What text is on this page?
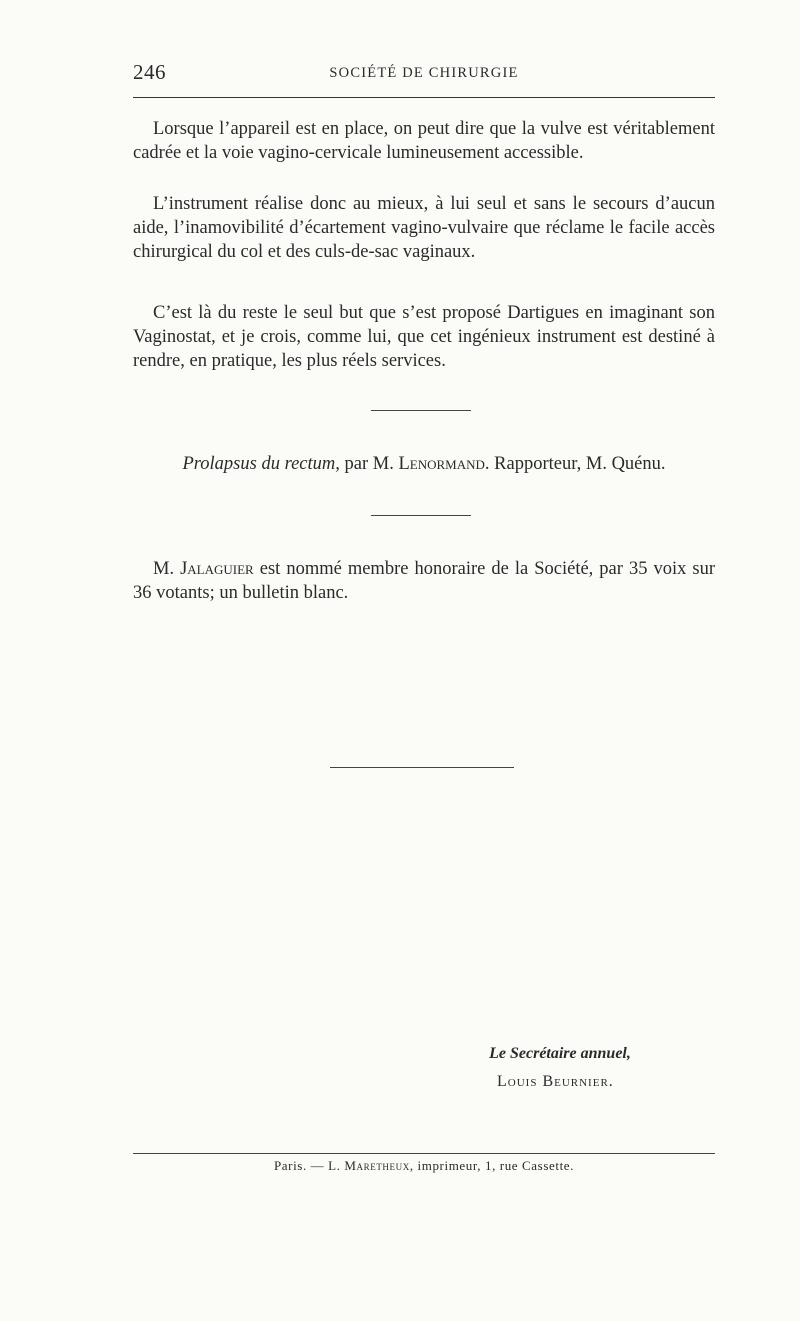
246	SOCIÉTÉ DE CHIRURGIE

Lorsque l’appareil est en place, on peut dire que la vulve est véritablement cadrée et la voie vagino-cervicale lumineusement accessible.

L’instrument réalise donc au mieux, à lui seul et sans le secours d’aucun aide, l’inamovibilité d’écartement vagino-vulvaire que réclame le facile accès chirurgical du col et des culs-de-sac vaginaux.

C’est là du reste le seul but que s’est proposé Dartigues en imaginant son Vaginostat, et je crois, comme lui, que cet ingénieux instrument est destiné à rendre, en pratique, les plus réels services.

Prolapsus du rectum, par M. Lenormand. Rapporteur, M. Quénu.

M. Jalaguier est nommé membre honoraire de la Société, par 35 voix sur 36 votants; un bulletin blanc.

Le Secrétaire annuel,
Louis Beurnier.
Paris. — L. Maretheux, imprimeur, 1, rue Cassette.
